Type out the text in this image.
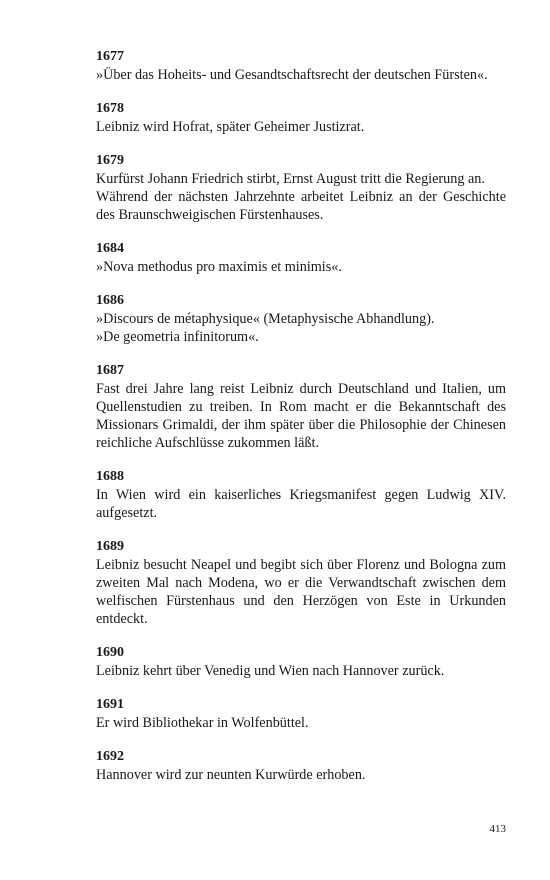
1677
»Über das Hoheits- und Gesandtschaftsrecht der deutschen Fürsten«.
1678
Leibniz wird Hofrat, später Geheimer Justizrat.
1679
Kurfürst Johann Friedrich stirbt, Ernst August tritt die Regierung an.
Während der nächsten Jahrzehnte arbeitet Leibniz an der Geschichte des Braunschweigischen Fürstenhauses.
1684
»Nova methodus pro maximis et minimis«.
1686
»Discours de métaphysique« (Metaphysische Abhandlung).
»De geometria infinitorum«.
1687
Fast drei Jahre lang reist Leibniz durch Deutschland und Italien, um Quellenstudien zu treiben. In Rom macht er die Bekanntschaft des Missionars Grimaldi, der ihm später über die Philosophie der Chinesen reichliche Aufschlüsse zukommen läßt.
1688
In Wien wird ein kaiserliches Kriegsmanifest gegen Ludwig XIV. aufgesetzt.
1689
Leibniz besucht Neapel und begibt sich über Florenz und Bologna zum zweiten Mal nach Modena, wo er die Verwandtschaft zwischen dem welfischen Fürstenhaus und den Herzögen von Este in Urkunden entdeckt.
1690
Leibniz kehrt über Venedig und Wien nach Hannover zurück.
1691
Er wird Bibliothekar in Wolfenbüttel.
1692
Hannover wird zur neunten Kurwürde erhoben.
413
